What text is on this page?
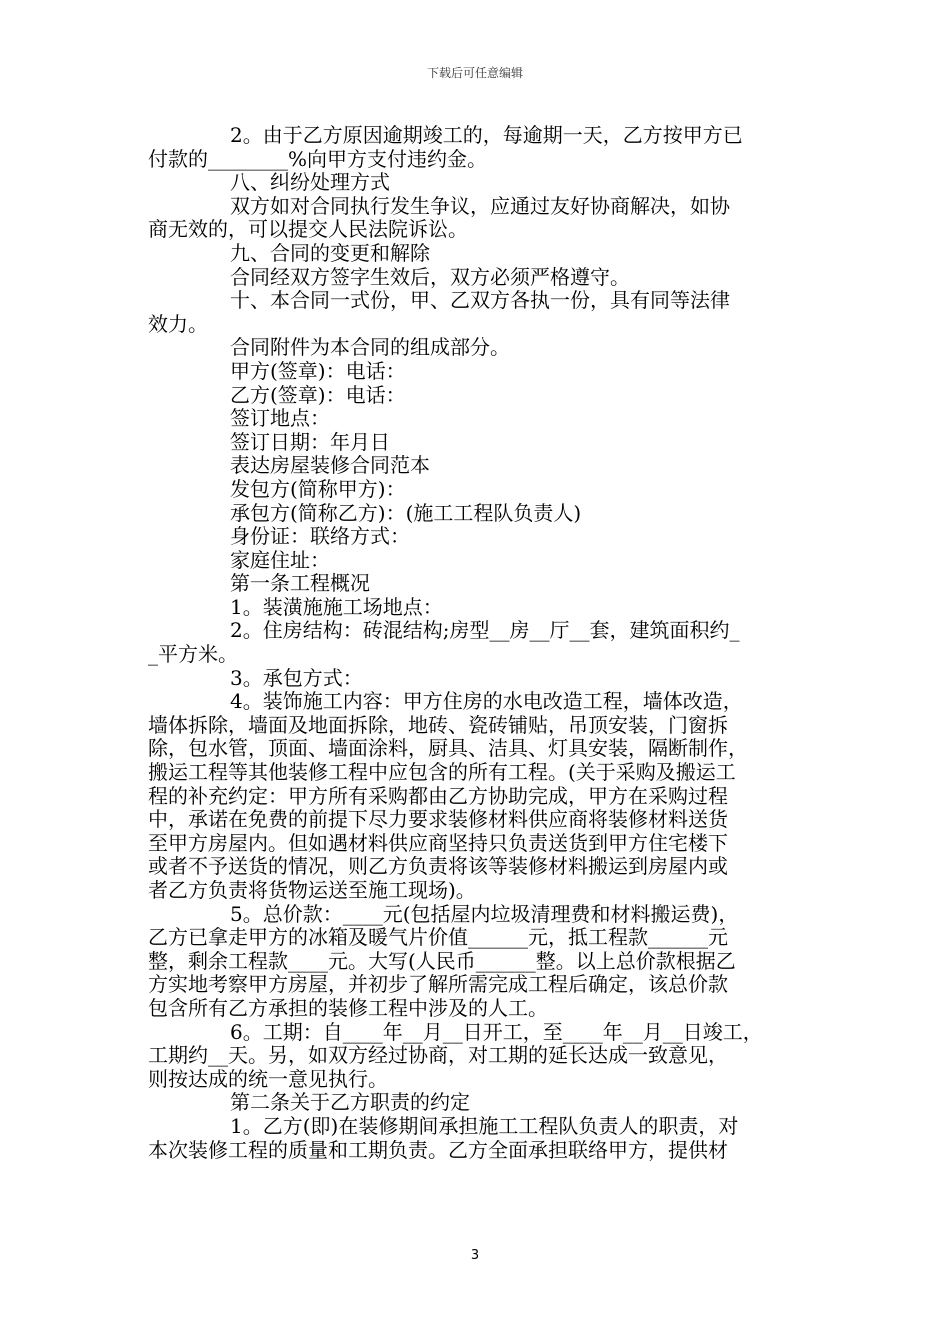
下载后可任意编辑
2。由于乙方原因逾期竣工的，每逾期一天，乙方按甲方已
付款的________%向甲方支付违约金。
八、纠纷处理方式
双方如对合同执行发生争议，应通过友好协商解决，如协
商无效的，可以提交人民法院诉讼。
九、合同的变更和解除
合同经双方签字生效后，双方必须严格遵守。
十、本合同一式份，甲、乙双方各执一份，具有同等法律
效力。
合同附件为本合同的组成部分。
甲方(签章)：电话：
乙方(签章)：电话：
签订地点：
签订日期：年月日
表达房屋装修合同范本
发包方(简称甲方)：
承包方(简称乙方)：(施工工程队负责人)
身份证：联络方式：
家庭住址：
第一条工程概况
1。装潢施施工场地点：
2。住房结构：砖混结构;房型__房__厅__套，建筑面积约_
_平方米。
3。承包方式：
4。装饰施工内容：甲方住房的水电改造工程，墙体改造，
墙体拆除，墙面及地面拆除，地砖、瓷砖铺贴，吊顶安装，门窗拆
除，包水管，顶面、墙面涂料，厨具、洁具、灯具安装，隔断制作，
搬运工程等其他装修工程中应包含的所有工程。(关于采购及搬运工
程的补充约定：甲方所有采购都由乙方协助完成，甲方在采购过程
中，承诺在免费的前提下尽力要求装修材料供应商将装修材料送货
至甲方房屋内。但如遇材料供应商坚持只负责送货到甲方住宅楼下
或者不予送货的情况，则乙方负责将该等装修材料搬运到房屋内或
者乙方负责将货物运送至施工现场)。
5。总价款：____元(包括屋内垃圾清理费和材料搬运费)，
乙方已拿走甲方的冰箱及暖气片价值______元，抵工程款______元
整，剩余工程款____元。大写(人民币______整。以上总价款根据乙
方实地考察甲方房屋，并初步了解所需完成工程后确定，该总价款
包含所有乙方承担的装修工程中涉及的人工。
6。工期：自____年__月__日开工，至____年__月__日竣工，
工期约__天。另，如双方经过协商，对工期的延长达成一致意见，
则按达成的统一意见执行。
第二条关于乙方职责的约定
1。乙方(即)在装修期间承担施工工程队负责人的职责，对
本次装修工程的质量和工期负责。乙方全面承担联络甲方，提供材
3
